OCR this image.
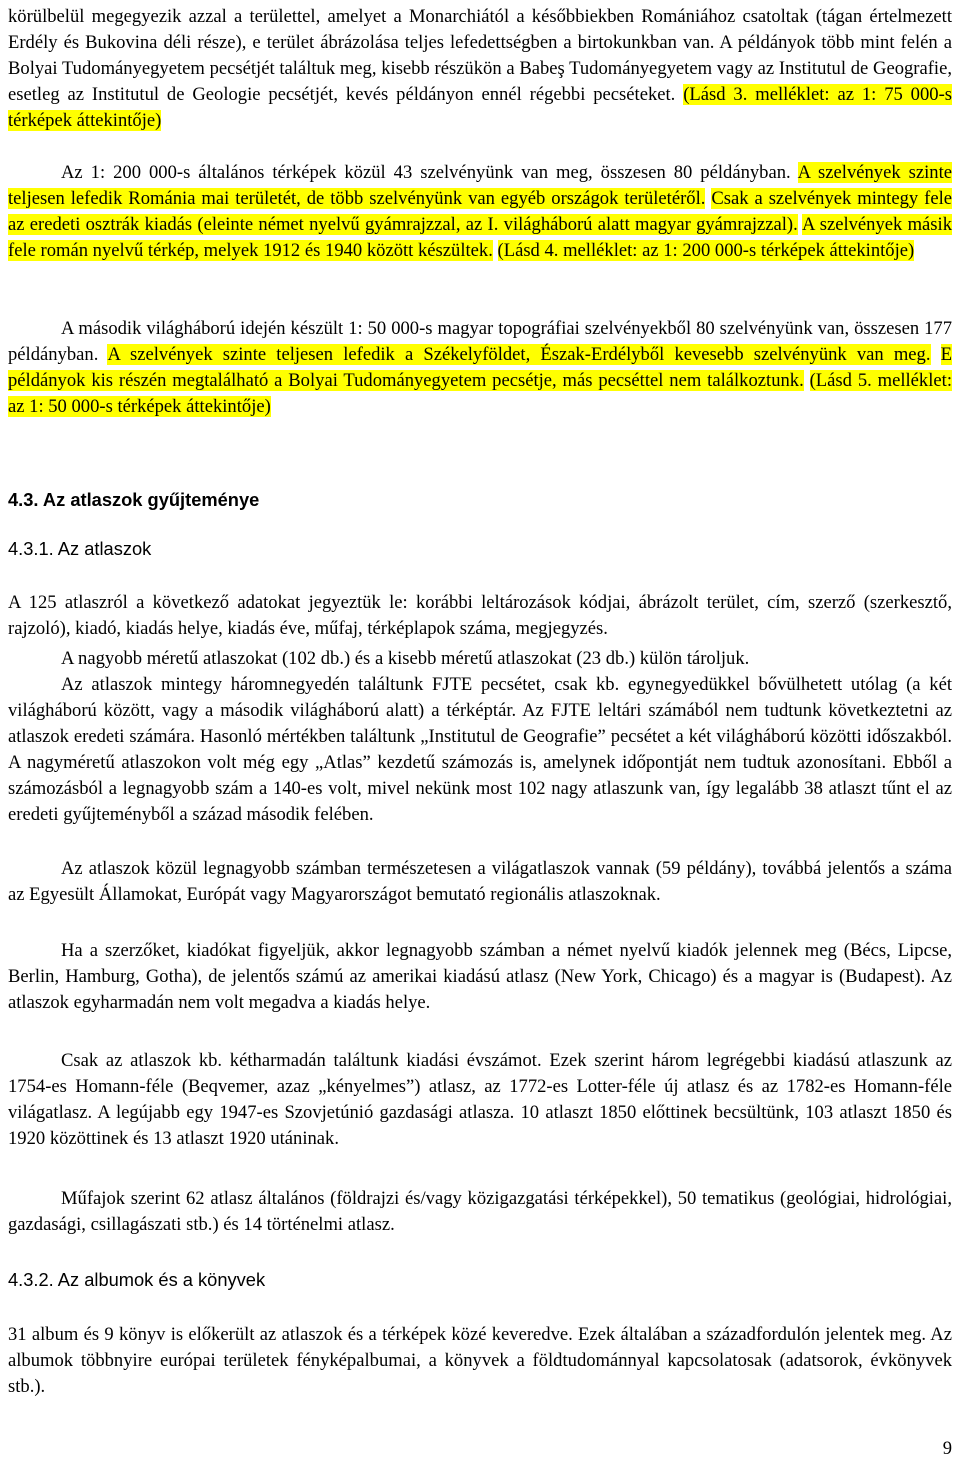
körülbelül megegyezik azzal a területtel, amelyet a Monarchiától a későbbiekben Romániához csatoltak (tágan értelmezett Erdély és Bukovina déli része), e terület ábrázolása teljes lefedettségben a birtokunkban van. A példányok több mint felén a Bolyai Tudományegyetem pecsétjét találtuk meg, kisebb részükön a Babeş Tudományegyetem vagy az Institutul de Geografie, esetleg az Institutul de Geologie pecsétjét, kevés példányon ennél régebbi pecséteket. (Lásd 3. melléklet: az 1: 75 000-s térképek áttekintője)

Az 1: 200 000-s általános térképek közül 43 szelvényünk van meg, összesen 80 példányban. A szelvények szinte teljesen lefedik Románia mai területét, de több szelvényünk van egyéb országok területéről. Csak a szelvények mintegy fele az eredeti osztrák kiadás (eleinte német nyelvű gyámrajzzal, az I. világháború alatt magyar gyámrajzzal). A szelvények másik fele román nyelvű térkép, melyek 1912 és 1940 között készültek. (Lásd 4. melléklet: az 1: 200 000-s térképek áttekintője)

A második világháború idején készült 1: 50 000-s magyar topográfiai szelvényekből 80 szelvényünk van, összesen 177 példányban. A szelvények szinte teljesen lefedik a Székelyföldet, Észak-Erdélyből kevesebb szelvényünk van meg. E példányok kis részén megtalálható a Bolyai Tudományegyetem pecsétje, más pecséttel nem találkoztunk. (Lásd 5. melléklet: az 1: 50 000-s térképek áttekintője)

4.3. Az atlaszok gyűjteménye
4.3.1. Az atlaszok

A 125 atlaszról a következő adatokat jegyeztük le: korábbi leltározások kódjai, ábrázolt terület, cím, szerző (szerkesztő, rajzoló), kiadó, kiadás helye, kiadás éve, műfaj, térképlapok száma, megjegyzés.

A nagyobb méretű atlaszokat (102 db.) és a kisebb méretű atlaszokat (23 db.) külön tároljuk.

Az atlaszok mintegy háromnegyedén találtunk FJTE pecsétet, csak kb. egynegyedükkel bővülhetett utólag (a két világháború között, vagy a második világháború alatt) a térképtár. Az FJTE leltári számából nem tudtunk következtetni az atlaszok eredeti számára. Hasonló mértékben találtunk „Institutul de Geografie” pecsétet a két világháború közötti időszakból. A nagyméretű atlaszokon volt még egy „Atlas” kezdetű számozás is, amelynek időpontját nem tudtuk azonosítani. Ebből a számozásból a legnagyobb szám a 140-es volt, mivel nekünk most 102 nagy atlaszunk van, így legalább 38 atlaszt tűnt el az eredeti gyűjteményből a század második felében.

Az atlaszok közül legnagyobb számban természetesen a világatlaszok vannak (59 példány), továbbá jelentős a száma az Egyesült Államokat, Európát vagy Magyarországot bemutató regionális atlaszoknak.

Ha a szerzőket, kiadókat figyeljük, akkor legnagyobb számban a német nyelvű kiadók jelennek meg (Bécs, Lipcse, Berlin, Hamburg, Gotha), de jelentős számú az amerikai kiadású atlasz (New York, Chicago) és a magyar is (Budapest). Az atlaszok egyharmadán nem volt megadva a kiadás helye.

Csak az atlaszok kb. kétharmadán találtunk kiadási évszámot. Ezek szerint három legrégebbi kiadású atlaszunk az 1754-es Homann-féle (Beqvemer, azaz „kényelmes”) atlasz, az 1772-es Lotter-féle új atlasz és az 1782-es Homann-féle világatlasz. A legújabb egy 1947-es Szovjetúnió gazdasági atlasza. 10 atlaszt 1850 előttinek becsültünk, 103 atlaszt 1850 és 1920 közöttinek és 13 atlaszt 1920 utáninak.

Műfajok szerint 62 atlasz általános (földrajzi és/vagy közigazgatási térképekkel), 50 tematikus (geológiai, hidrológiai, gazdasági, csillagászati stb.) és 14 történelmi atlasz.

4.3.2. Az albumok és a könyvek

31 album és 9 könyv is előkerült az atlaszok és a térképek közé keveredve. Ezek általában a századfordulón jelentek meg. Az albumok többnyire európai területek fényképalbumai, a könyvek a földtudománnyal kapcsolatosak (adatsorok, évkönyvek stb.).

9
